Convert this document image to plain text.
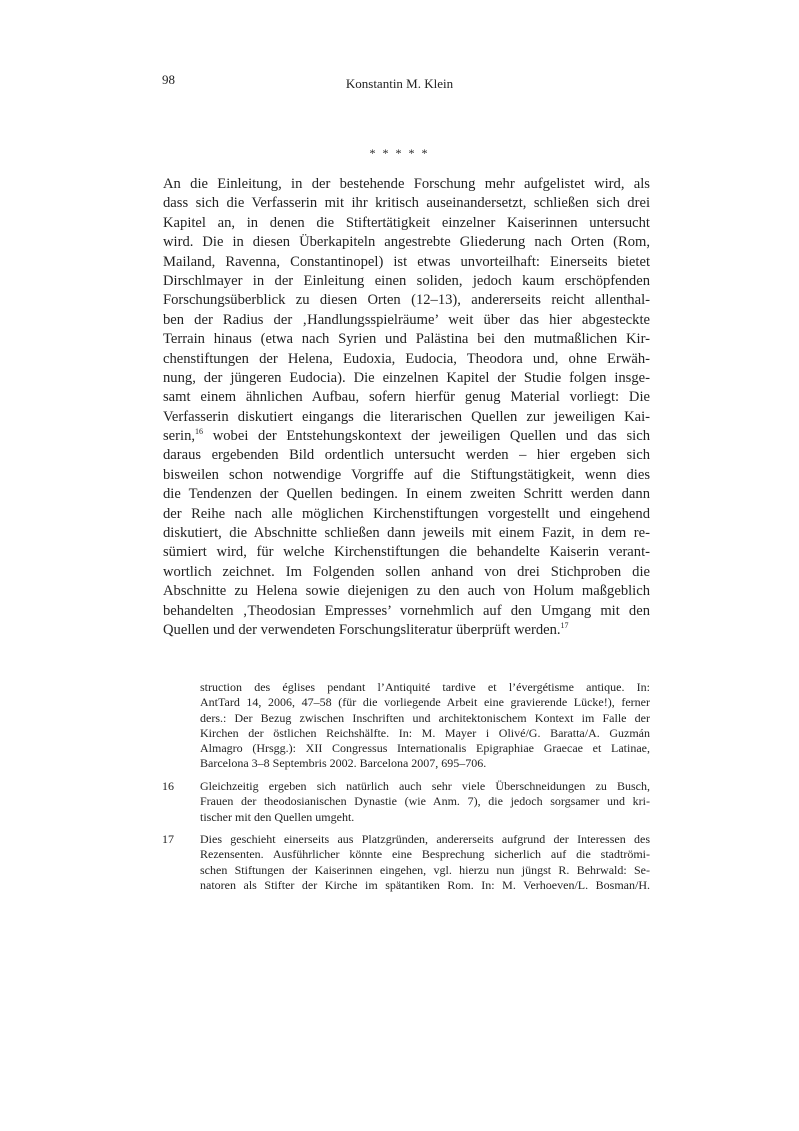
98	Konstantin M. Klein
* * * * *
An die Einleitung, in der bestehende Forschung mehr aufgelistet wird, als
dass sich die Verfasserin mit ihr kritisch auseinandersetzt, schließen sich drei
Kapitel an, in denen die Stiftertätigkeit einzelner Kaiserinnen untersucht
wird. Die in diesen Überkapiteln angestrebte Gliederung nach Orten (Rom,
Mailand, Ravenna, Constantinopel) ist etwas unvorteilhaft: Einerseits bietet
Dirschlmayer in der Einleitung einen soliden, jedoch kaum erschöpfenden
Forschungsüberblick zu diesen Orten (12–13), andererseits reicht allenthal-
ben der Radius der ‚Handlungsspielräume’ weit über das hier abgesteckte
Terrain hinaus (etwa nach Syrien und Palästina bei den mutmaßlichen Kir-
chenstiftungen der Helena, Eudoxia, Eudocia, Theodora und, ohne Erwäh-
nung, der jüngeren Eudocia). Die einzelnen Kapitel der Studie folgen insge-
samt einem ähnlichen Aufbau, sofern hierfür genug Material vorliegt: Die
Verfasserin diskutiert eingangs die literarischen Quellen zur jeweiligen Kai-
serin,$^{16}$ wobei der Entstehungskontext der jeweiligen Quellen und das sich
daraus ergebenden Bild ordentlich untersucht werden – hier ergeben sich
bisweilen schon notwendige Vorgriffe auf die Stiftungstätigkeit, wenn dies
die Tendenzen der Quellen bedingen. In einem zweiten Schritt werden dann
der Reihe nach alle möglichen Kirchenstiftungen vorgestellt und eingehend
diskutiert, die Abschnitte schließen dann jeweils mit einem Fazit, in dem re-
sümiert wird, für welche Kirchenstiftungen die behandelte Kaiserin verant-
wortlich zeichnet. Im Folgenden sollen anhand von drei Stichproben die
Abschnitte zu Helena sowie diejenigen zu den auch von Holum maßgeblich
behandelten ‚Theodosian Empresses’ vornehmlich auf den Umgang mit den
Quellen und der verwendeten Forschungsliteratur überprüft werden.$^{17}$
struction des églises pendant l’Antiquité tardive et l’évergétisme antique. In:
AntTard 14, 2006, 47–58 (für die vorliegende Arbeit eine gravierende Lücke!), ferner
ders.: Der Bezug zwischen Inschriften und architektonischem Kontext im Falle der
Kirchen der östlichen Reichshälfte. In: M. Mayer i Olivé/G. Baratta/A. Guzmán
Almagro (Hrsgg.): XII Congressus Internationalis Epigraphiae Graecae et Latinae,
Barcelona 3–8 Septembris 2002. Barcelona 2007, 695–706.
16 Gleichzeitig ergeben sich natürlich auch sehr viele Überschneidungen zu Busch,
Frauen der theodosianischen Dynastie (wie Anm. 7), die jedoch sorgsamer und kri-
tischer mit den Quellen umgeht.
17 Dies geschieht einerseits aus Platzgründen, andererseits aufgrund der Interessen des
Rezensenten. Ausführlicher könnte eine Besprechung sicherlich auf die stadtrömi-
schen Stiftungen der Kaiserinnen eingehen, vgl. hierzu nun jüngst R. Behrwald: Se-
natoren als Stifter der Kirche im spätantiken Rom. In: M. Verhoeven/L. Bosman/H.
